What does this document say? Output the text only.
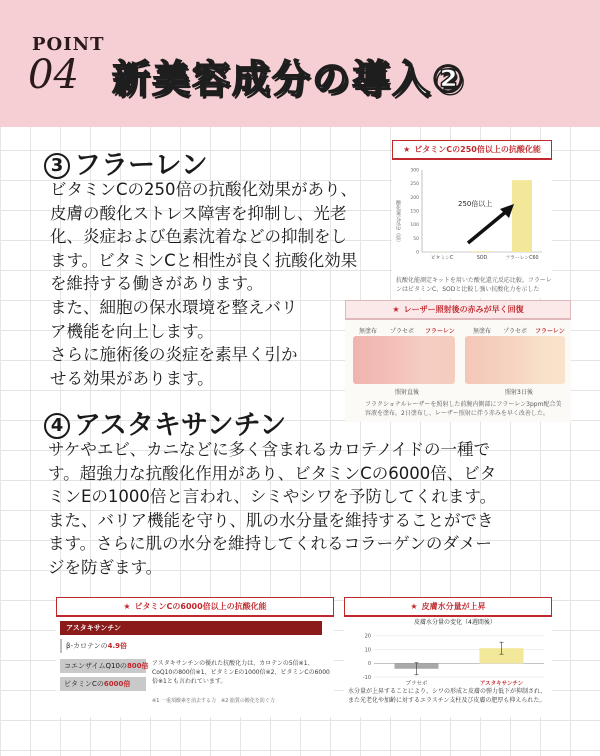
POINT
04 新美容成分の導入②
3 フラーレン

ビタミンCの250倍の抗酸化効果があり、

皮膚の酸化ストレス障害を抑制し、光老

化、炎症および色素沈着などの抑制をし

ます。ビタミンCと相性が良く抗酸化効果

を維持する働きがあります。

また、細胞の保水環境を整えバリ

ア機能を向上します。

さらに施術後の炎症を素早く引か

せる効果があります。

★ ビタミンCの250倍以上の抗酸化能
0
50
100
150
200
250
300
ビタミンC	SOD	フラーレンC60
酸化還元反応（倍）	250倍以上
抗酸化能測定キットを用いた酸化還元反応比較。フラーレンはビタミンC、SODと比較し強い抗酸化力を示した
★ レーザー照射後の赤みが早く回復
無塗布 プラセボ フラーレン	無塗布 プラセボ フラーレン
照射直後	照射3日後
フラクショナルレーザーを照射した前腕内側部にフラーレン3ppm配合美容液を塗布。2日塗布し、レーザー照射に伴う赤みを早く改善した。
4 アスタキサンチン

サケやエビ、カニなどに多く含まれるカロテノイドの一種で

す。超強力な抗酸化作用があり、ビタミンCの6000倍、ビタ

ミンEの1000倍と言われ、シミやシワを予防してくれます。

また、バリア機能を守り、肌の水分量を維持することができ

ます。さらに肌の水分を維持してくれるコラーゲンのダメー

ジを防ぎます。

★ ビタミンCの6000倍以上の抗酸化能
アスタキサンチン
β-カロテンの4.9倍
コエンザイムQ10の800倍
ビタミンCの6000倍
アスタキサンチンの優れた抗酸化力は、カロテンの5倍※1、CoQ10の800倍※1、ビタミンEの1000倍※2、ビタミンCの6000倍※1とも言われています。
※1 一重項酸素を消去する力　※2 脂質の酸化を防ぐ力
★ 皮膚水分量が上昇
皮膚水分量の変化（4週間後）
-10
0
10
20
プラセボ	アスタキサンチン
水分量が上昇することにより、シワの形成と皮膚の弾力低下が抑制され、また光老化や加齢に対するエラスチン支柱及び皮膚の肥厚も抑えられた。
